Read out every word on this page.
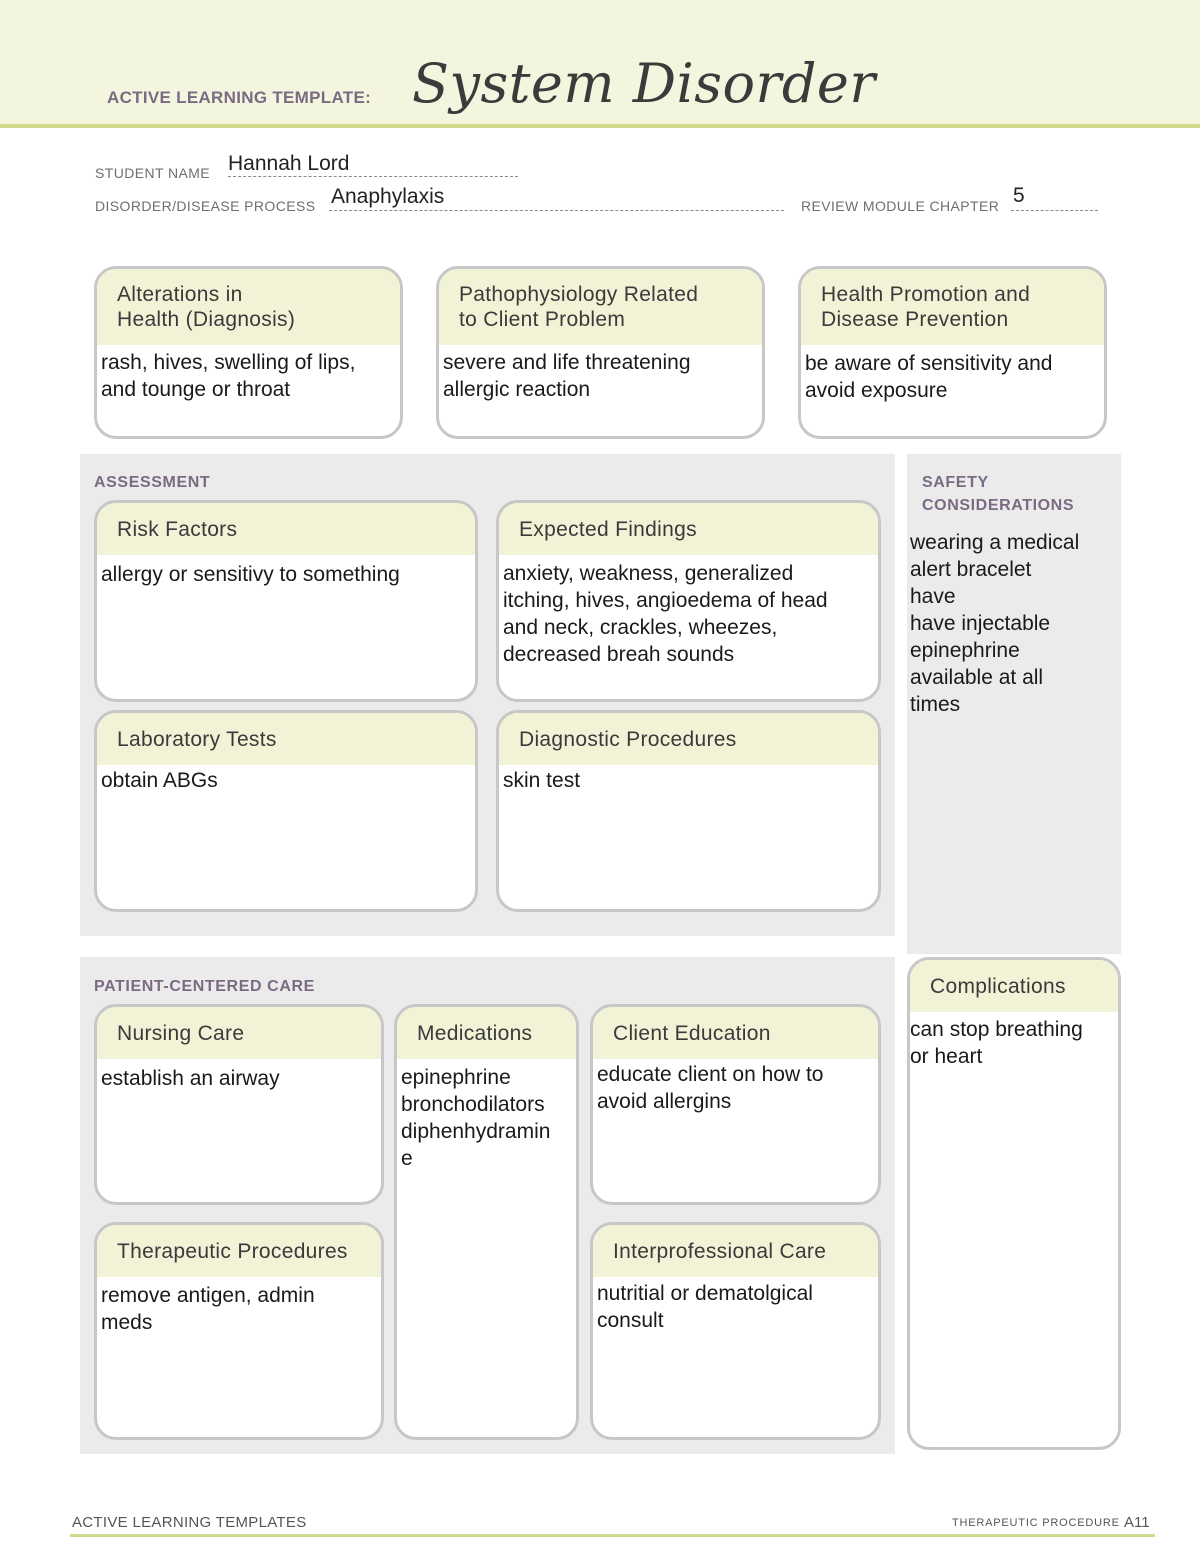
ACTIVE LEARNING TEMPLATE: System Disorder
STUDENT NAME Hannah Lord
DISORDER/DISEASE PROCESS Anaphylaxis	REVIEW MODULE CHAPTER 5
Alterations in
Health (Diagnosis)
rash, hives, swelling of lips,
and tounge or throat
Pathophysiology Related
to Client Problem
severe and life threatening
allergic reaction
Health Promotion and
Disease Prevention
be aware of sensitivity and
avoid exposure
ASSESSMENT
Risk Factors
allergy or sensitivy to something
Expected Findings
anxiety, weakness, generalized
itching, hives, angioedema of head
and neck, crackles, wheezes,
decreased breah sounds
Laboratory Tests
obtain ABGs
Diagnostic Procedures
skin test
SAFETY
CONSIDERATIONS
wearing a medical
alert bracelet
have
have injectable
epinephrine
available at all
times
PATIENT-CENTERED CARE
Nursing Care
establish an airway
Medications
epinephrine
bronchodilators
diphenhydramin
e
Client Education
educate client on how to
avoid allergins
Therapeutic Procedures
remove antigen, admin
meds
Interprofessional Care
nutritial or dematolgical
consult
Complications
can stop breathing
or heart
ACTIVE LEARNING TEMPLATES	THERAPEUTIC PROCEDURE A11
